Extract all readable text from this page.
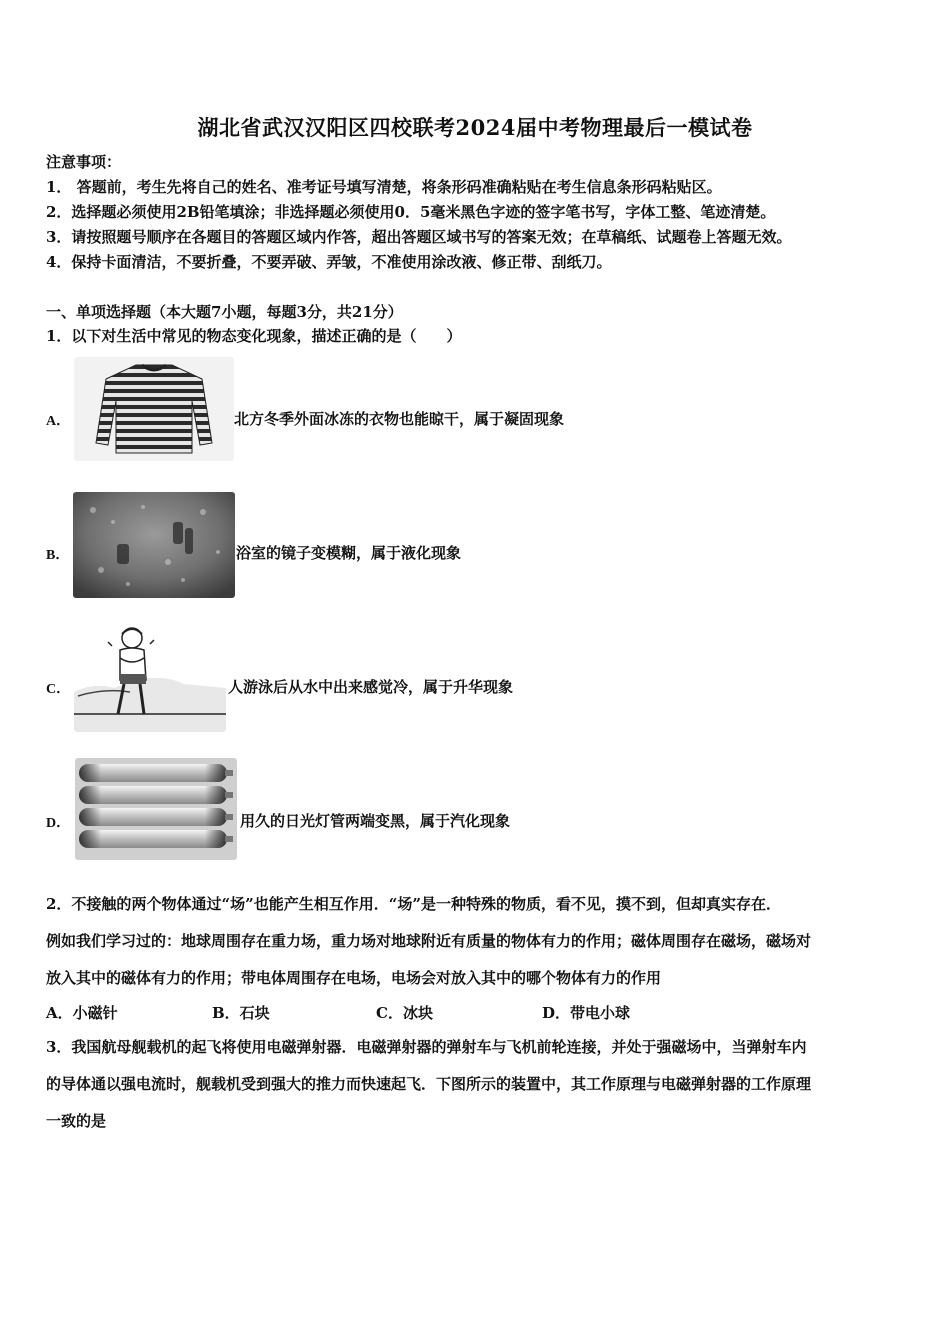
湖北省武汉汉阳区四校联考2024届中考物理最后一模试卷
注意事项：
1． 答题前，考生先将自己的姓名、准考证号填写清楚，将条形码准确粘贴在考生信息条形码粘贴区。
2．选择题必须使用2B铅笔填涂；非选择题必须使用0．5毫米黑色字迹的签字笔书写，字体工整、笔迹清楚。
3．请按照题号顺序在各题目的答题区域内作答，超出答题区域书写的答案无效；在草稿纸、试题卷上答题无效。
4．保持卡面清洁，不要折叠，不要弄破、弄皱，不准使用涂改液、修正带、刮纸刀。
一、单项选择题（本大题7小题，每题3分，共21分）
1．以下对生活中常见的物态变化现象，描述正确的是（　　）
A．	北方冬季外面冰冻的衣物也能晾干，属于凝固现象
B．	浴室的镜子变模糊，属于液化现象
C．	人游泳后从水中出来感觉冷，属于升华现象
D．	用久的日光灯管两端变黑，属于汽化现象
2．不接触的两个物体通过“场”也能产生相互作用．“场”是一种特殊的物质，看不见，摸不到，但却真实存在．
例如我们学习过的：地球周围存在重力场，重力场对地球附近有质量的物体有力的作用；磁体周围存在磁场，磁场对
放入其中的磁体有力的作用；带电体周围存在电场，电场会对放入其中的哪个物体有力的作用
A．小磁针	B．石块	C．冰块	D．带电小球
3．我国航母舰载机的起飞将使用电磁弹射器．电磁弹射器的弹射车与飞机前轮连接，并处于强磁场中，当弹射车内
的导体通以强电流时，舰载机受到强大的推力而快速起飞．下图所示的装置中，其工作原理与电磁弹射器的工作原理
一致的是
